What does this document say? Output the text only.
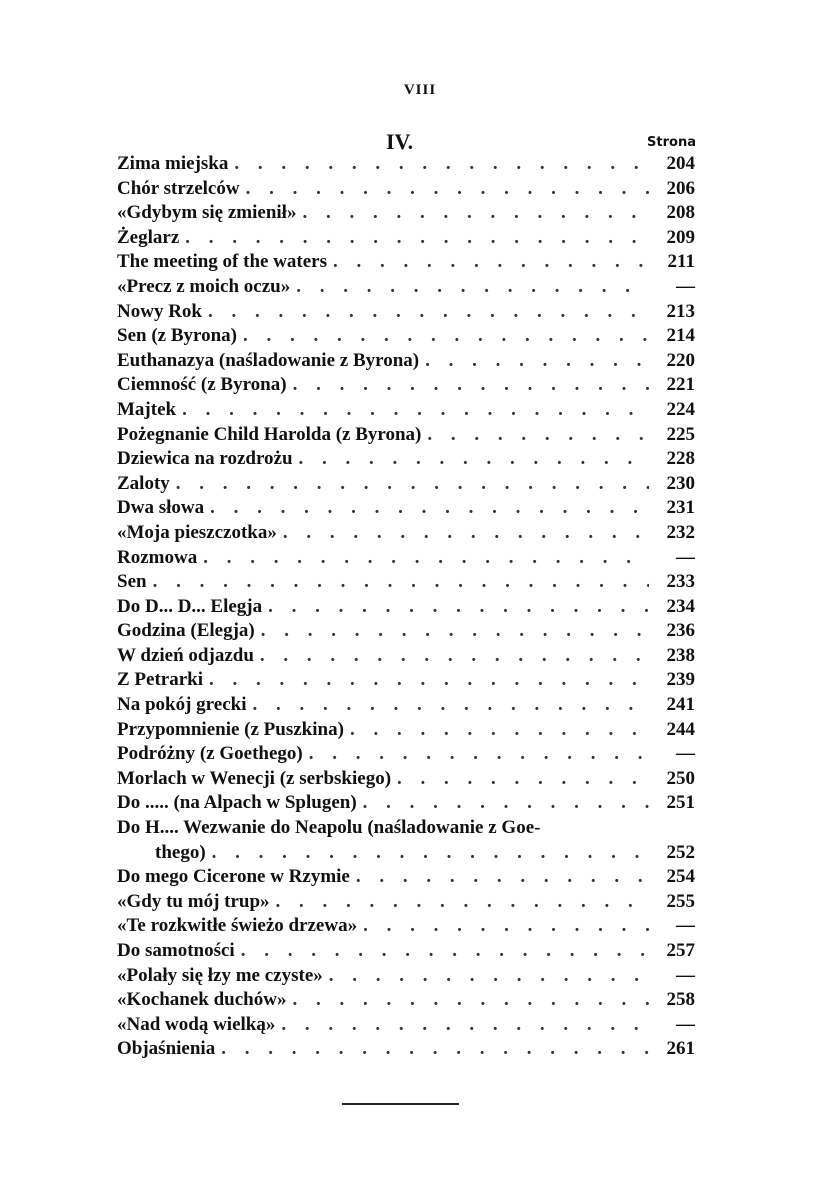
VIII
IV.	Strona
Zima miejska . . .	204
Chór strzelców . . .	206
«Gdybym się zmienił» . . .	208
Żeglarz . . .	209
The meeting of the waters . . .	211
«Precz z moich oczu» . . .	—
Nowy Rok . . .	213
Sen (z Byrona) . . .	214
Euthanazya (naśladowanie z Byrona) . . .	220
Ciemność (z Byrona) . . .	221
Majtek . . .	224
Pożegnanie Child Harolda (z Byrona) . . .	225
Dziewica na rozdrożu . . .	228
Zaloty . . .	230
Dwa słowa . . .	231
«Moja pieszczotka» . . .	232
Rozmowa . . .	—
Sen . . .	233
Do D... D... Elegja . . .	234
Godzina (Elegja) . . .	236
W dzień odjazdu . . .	238
Z Petrarki . . .	239
Na pokój grecki . . .	241
Przypomnienie (z Puszkina) . . .	244
Podróżny (z Goethego) . . .	—
Morlach w Wenecji (z serbskiego) . . .	250
Do ..... (na Alpach w Splugen) . . .	251
Do H.... Wezwanie do Neapolu (naśladowanie z Goe-
thego) . . .	252
Do mego Cicerone w Rzymie . . .	254
«Gdy tu mój trup» . . .	255
«Te rozkwitłe świeżo drzewa» . . .	—
Do samotności . . .	257
«Polały się łzy me czyste» . . .	—
«Kochanek duchów» . . .	258
«Nad wodą wielką» . . .	—
Objaśnienia . . .	261
